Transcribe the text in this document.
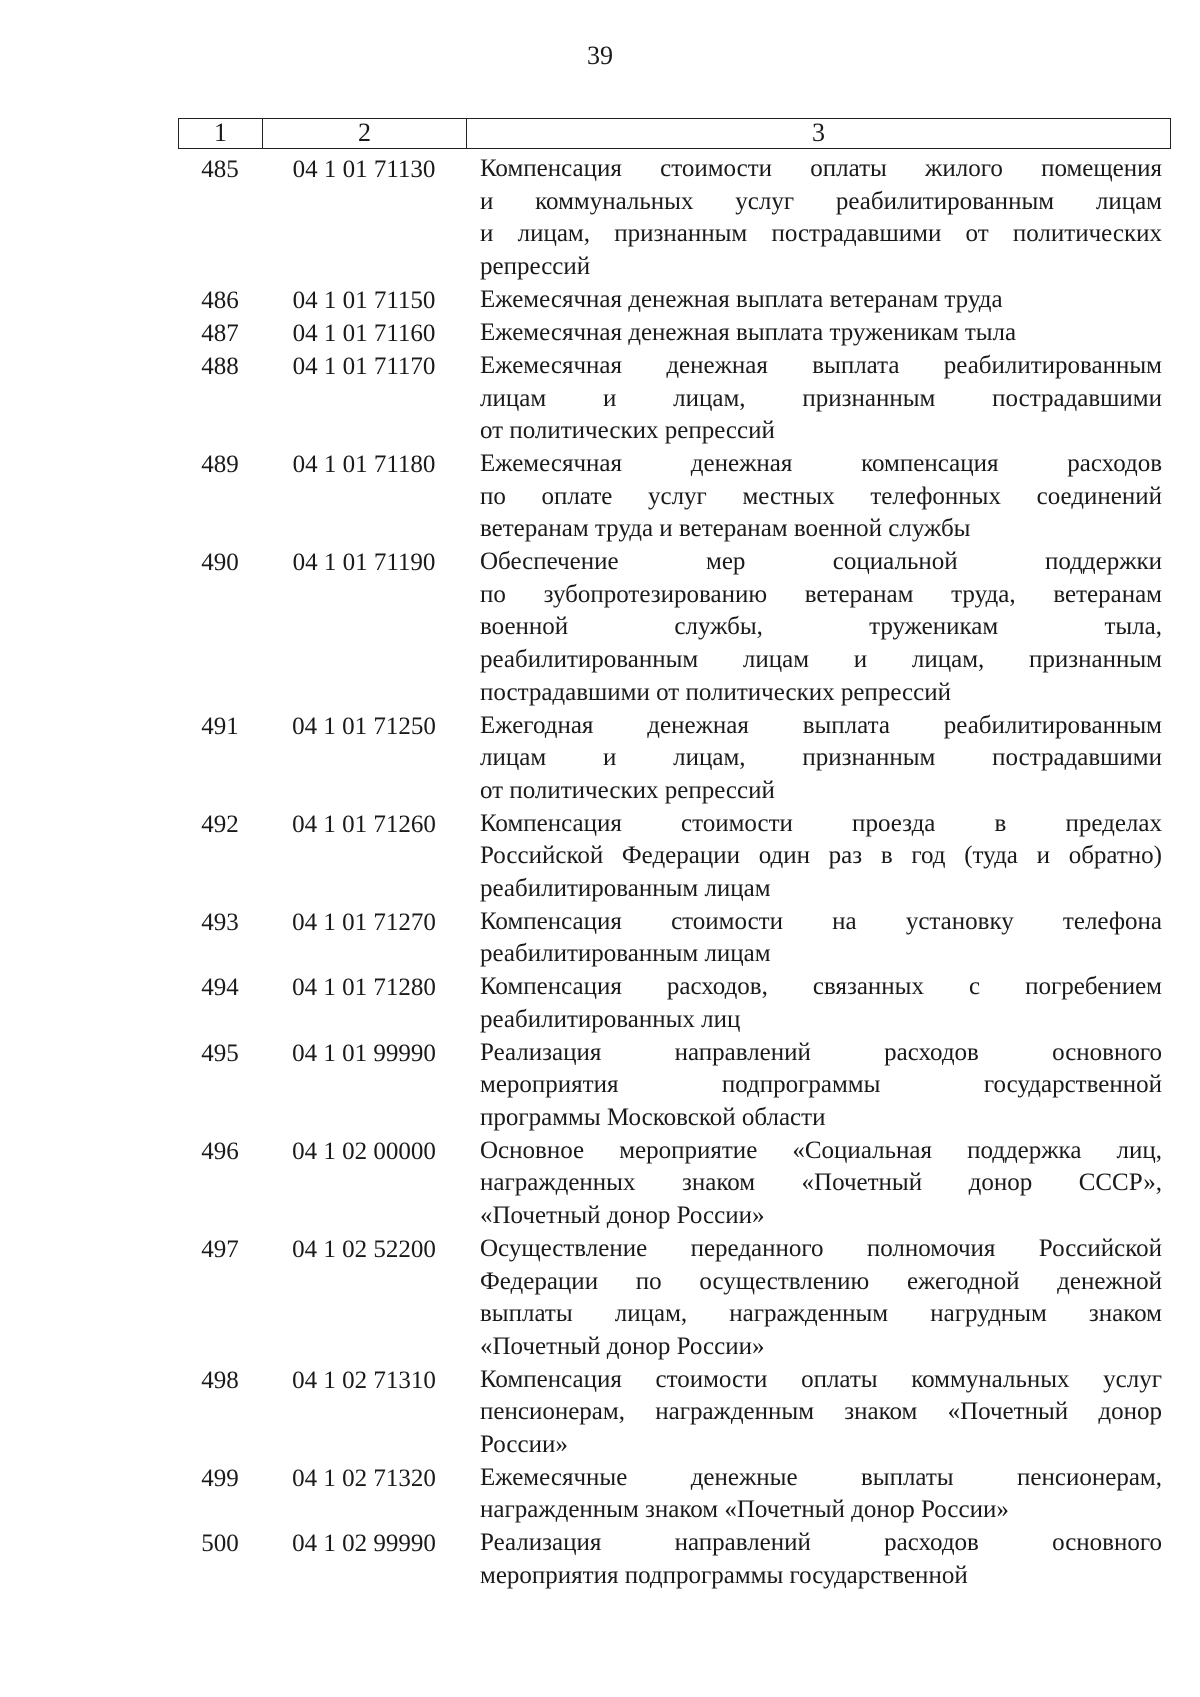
39
1	2	3
485	04 1 01 71130	Компенсация стоимости оплаты жилого помещения
и коммунальных услуг реабилитированным лицам
и лицам, признанным пострадавшими от политических
репрессий
486	04 1 01 71150	Ежемесячная денежная выплата ветеранам труда
487	04 1 01 71160	Ежемесячная денежная выплата труженикам тыла
488	04 1 01 71170	Ежемесячная денежная выплата реабилитированным
лицам и лицам, признанным пострадавшими
от политических репрессий
489	04 1 01 71180	Ежемесячная денежная компенсация расходов
по оплате услуг местных телефонных соединений
ветеранам труда и ветеранам военной службы
490	04 1 01 71190	Обеспечение мер социальной поддержки
по зубопротезированию ветеранам труда, ветеранам
военной службы, труженикам тыла,
реабилитированным лицам и лицам, признанным
пострадавшими от политических репрессий
491	04 1 01 71250	Ежегодная денежная выплата реабилитированным
лицам и лицам, признанным пострадавшими
от политических репрессий
492	04 1 01 71260	Компенсация стоимости проезда в пределах
Российской Федерации один раз в год (туда и обратно)
реабилитированным лицам
493	04 1 01 71270	Компенсация стоимости на установку телефона
реабилитированным лицам
494	04 1 01 71280	Компенсация расходов, связанных с погребением
реабилитированных лиц
495	04 1 01 99990	Реализация направлений расходов основного
мероприятия подпрограммы государственной
программы Московской области
496	04 1 02 00000	Основное мероприятие «Социальная поддержка лиц,
награжденных знаком «Почетный донор СССР»,
«Почетный донор России»
497	04 1 02 52200	Осуществление переданного полномочия Российской
Федерации по осуществлению ежегодной денежной
выплаты лицам, награжденным нагрудным знаком
«Почетный донор России»
498	04 1 02 71310	Компенсация стоимости оплаты коммунальных услуг
пенсионерам, награжденным знаком «Почетный донор
России»
499	04 1 02 71320	Ежемесячные денежные выплаты пенсионерам,
награжденным знаком «Почетный донор России»
500	04 1 02 99990	Реализация направлений расходов основного
мероприятия подпрограммы государственной
